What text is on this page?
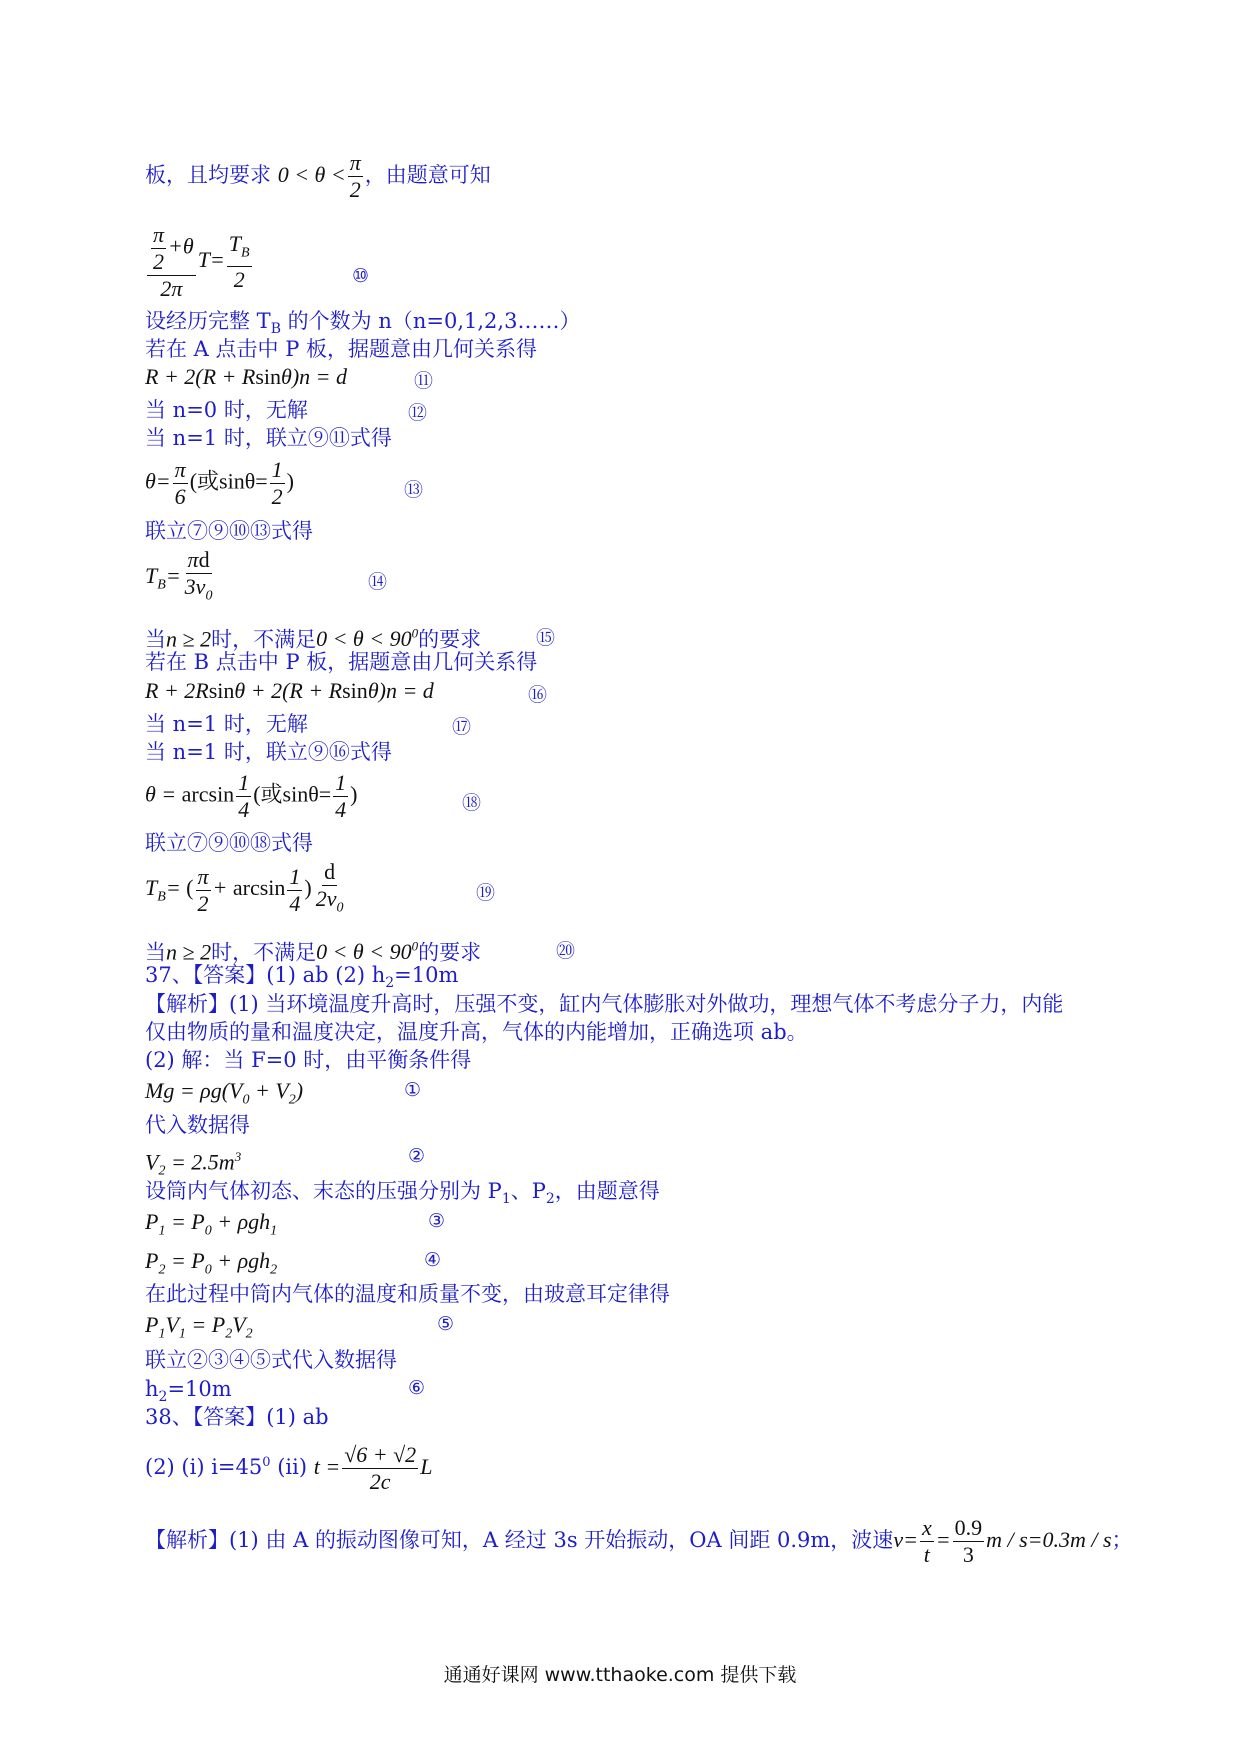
板，且均要求 $0 < \theta < \frac{\pi}{2}$ ，由题意可知
$\frac{\frac{\pi}{2} +\theta}{2\pi} T= \frac{T_B}{2}$	⑩
设经历完整 $T_B$ 的个数为 n（n=0,1,2,3……）
若在 A 点击中 P 板，据题意由几何关系得
R + 2(R + Rsinθ)n = d	⑪
当 n=0 时，无解	⑫
当 n=1 时，联立⑨⑪式得
$\theta= \frac{\pi}{6}$ (或$\sin\theta= \frac{1}{2}$ )	⑬
联立⑦⑨⑩⑬式得
$T_B= \frac{\pi d}{3v_0}$	⑭
当n ≥ 2时，不满足$0 < \theta < 90^0$的要求	⑮
若在 B 点击中 P 板，据题意由几何关系得
R + 2Rsinθ + 2(R + Rsinθ)n = d	⑯
当 n=1 时，无解	⑰
当 n=1 时，联立⑨⑯式得
$\theta = \arcsin \frac{1}{4}$ (或$\sin\theta= \frac{1}{4}$ )	⑱
联立⑦⑨⑩⑱式得
$T_B=$ ( $\frac{\pi}{2} + \arcsin \frac{1}{4}$ ) $\frac{d}{2v_0}$	⑲
当n ≥ 2时，不满足$0 < \theta < 90^0$的要求	⑳
37、【答案】(1) ab (2) $h_2=10m$
【解析】(1) 当环境温度升高时，压强不变，缸内气体膨胀对外做功，理想气体不考虑分子力，内能
仅由物质的量和温度决定，温度升高，气体的内能增加，正确选项 ab。
(2) 解：当 F=0 时，由平衡条件得
$Mg = \rho g(V_0 + V_2)$	①
代入数据得
$V_2 = 2.5m^3$	②
设筒内气体初态、末态的压强分别为 $P_1$、$P_2$，由题意得
$P_1 = P_0 + \rho gh_1$	③
$P_2 = P_0 + \rho gh_2$	④
在此过程中筒内气体的温度和质量不变，由玻意耳定律得
$P_1V_1 = P_2V_2$	⑤
联立②③④⑤式代入数据得
$h_2=10m$	⑥
38、【答案】(1) ab
(2) (i) $i=45^0$ (ii) $t = \frac{√6 + √2}{2c}$ L
【解析】(1) 由 A 的振动图像可知，A 经过 3s 开始振动，OA 间距 0.9m，波速$v= \frac{x}{t} = \frac{0.9}{3}$ m / s=0.3m / s；
通通好课网 www.tthaoke.com 提供下载
